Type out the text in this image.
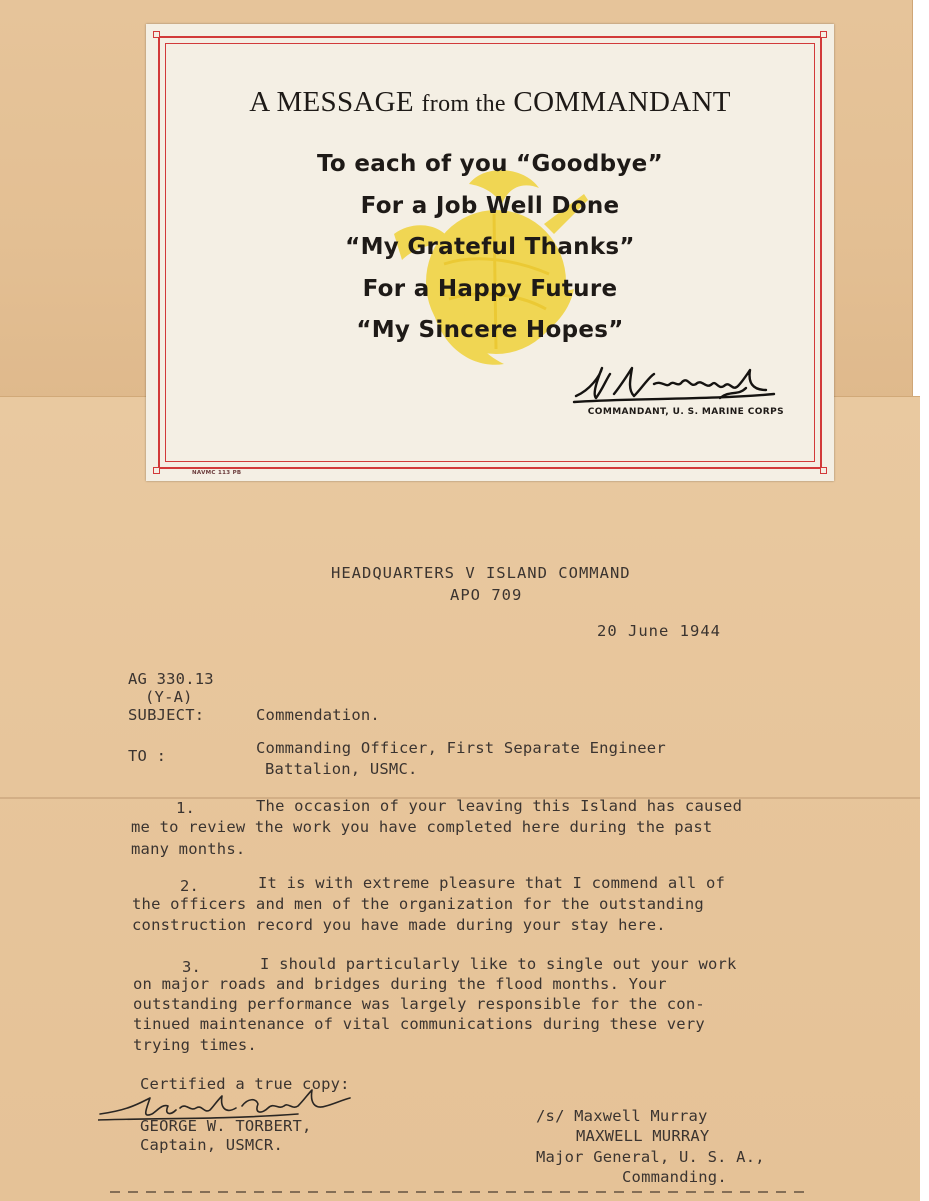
A MESSAGE from the COMMANDANT
To each of you “Goodbye”
For a Job Well Done
“My Grateful Thanks”
For a Happy Future
“My Sincere Hopes”
COMMANDANT, U. S. MARINE CORPS
NAVMC 113 PB
HEADQUARTERS V ISLAND COMMAND
APO 709
20 June 1944
AG 330.13
(Y-A)
SUBJECT:	Commendation.
TO :	Commanding Officer, First Separate Engineer
Battalion, USMC.
1.	The occasion of your leaving this Island has caused
me to review the work you have completed here during the past
many months.
2.	It is with extreme pleasure that I commend all of
the officers and men of the organization for the outstanding
construction record you have made during your stay here.
3.	I should particularly like to single out your work
on major roads and bridges during the flood months. Your
outstanding performance was largely responsible for the con-
tinued maintenance of vital communications during these very
trying times.
Certified a true copy:
GEORGE W. TORBERT,
Captain, USMCR.
/s/ Maxwell Murray
MAXWELL MURRAY
Major General, U. S. A.,
Commanding.
